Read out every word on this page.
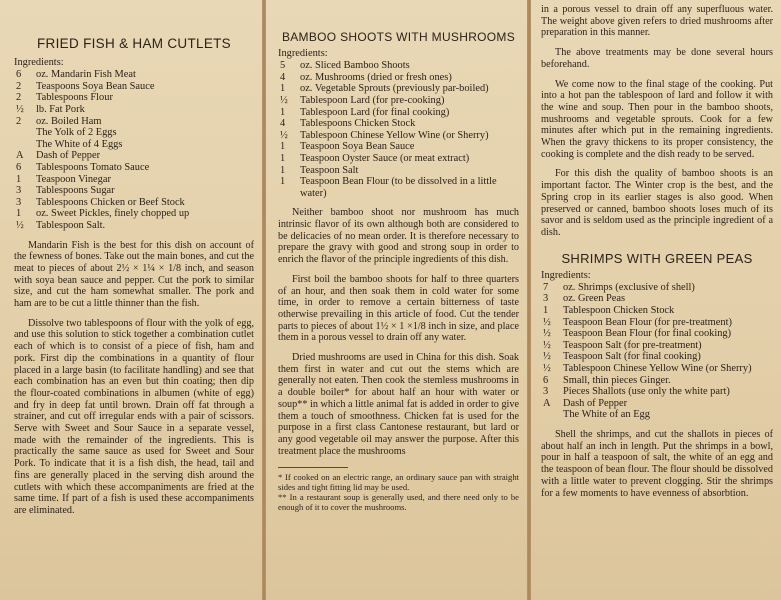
FRIED FISH & HAM CUTLETS
Ingredients:
6	oz. Mandarin Fish Meat
2	Teaspoons Soya Bean Sauce
2	Tablespoons Flour
½	lb. Fat Pork
2	oz. Boiled Ham
The Yolk of 2 Eggs
The White of 4 Eggs
A	Dash of Pepper
6	Tablespoons Tomato Sauce
1	Teaspoon Vinegar
3	Tablespoons Sugar
3	Tablespoons Chicken or Beef Stock
1	oz. Sweet Pickles, finely chopped up
½	Tablespoon Salt.

Mandarin Fish is the best for this dish on account of the fewness of bones. Take out the main bones, and cut the meat to pieces of about 2½ × 1¼ × 1/8 inch, and season with soya bean sauce and pepper. Cut the pork to similar size, and cut the ham somewhat smaller. The pork and ham are to be cut a little thinner than the fish.

Dissolve two tablespoons of flour with the yolk of egg, and use this solution to stick together a combination cutlet each of which is to consist of a piece of fish, ham and pork. First dip the combinations in a quantity of flour placed in a large basin (to facilitate handling) and see that each combination has an even but thin coating; then dip the flour-coated combinations in albumen (white of egg) and fry in deep fat until brown. Drain off fat through a strainer, and cut off irregular ends with a pair of scissors. Serve with Sweet and Sour Sauce in a separate vessel, made with the remainder of the ingredients. This is practically the same sauce as used for Sweet and Sour Pork. To indicate that it is a fish dish, the head, tail and fins are generally placed in the serving dish around the cutlets with which these accompaniments are fried at the same time. If part of a fish is used these accompaniments are eliminated.

BAMBOO SHOOTS WITH MUSHROOMS
Ingredients:
5	oz. Sliced Bamboo Shoots
4	oz. Mushrooms (dried or fresh ones)
1	oz. Vegetable Sprouts (previously par-boiled)
½	Tablespoon Lard (for pre-cooking)
1	Tablespoon Lard (for final cooking)
4	Tablespoons Chicken Stock
½	Tablespoon Chinese Yellow Wine (or Sherry)
1	Teaspoon Soya Bean Sauce
1	Teaspoon Oyster Sauce (or meat extract)
1	Teaspoon Salt
1	Teaspoon Bean Flour (to be dissolved in a little water)

Neither bamboo shoot nor mushroom has much intrinsic flavor of its own although both are considered to be delicacies of no mean order. It is therefore necessary to prepare the gravy with good and strong soup in order to enrich the flavor of the principle ingredients of this dish.

First boil the bamboo shoots for half to three quarters of an hour, and then soak them in cold water for some time, in order to remove a certain bitterness of taste otherwise prevailing in this article of food. Cut the tender parts to pieces of about 1½ × 1 ×1/8 inch in size, and place them in a porous vessel to drain off any water.

Dried mushrooms are used in China for this dish. Soak them first in water and cut out the stems which are generally not eaten. Then cook the stemless mushrooms in a double boiler* for about half an hour with water or soup** in which a little animal fat is added in order to give them a touch of smoothness. Chicken fat is used for the purpose in a first class Cantonese restaurant, but lard or any good vegetable oil may answer the purpose. After this treatment place the mushrooms

* If cooked on an electric range, an ordinary sauce pan with straight sides and tight fitting lid may be used.

** In a restaurant soup is generally used, and there need only to be enough of it to cover the mushrooms.

in a porous vessel to drain off any superfluous water. The weight above given refers to dried mushrooms after preparation in this manner.

The above treatments may be done several hours beforehand.

We come now to the final stage of the cooking. Put into a hot pan the tablespoon of lard and follow it with the wine and soup. Then pour in the bamboo shoots, mushrooms and vegetable sprouts. Cook for a few minutes after which put in the remaining ingredients. When the gravy thickens to its proper consistency, the cooking is complete and the dish ready to be served.

For this dish the quality of bamboo shoots is an important factor. The Winter crop is the best, and the Spring crop in its earlier stages is also good. When preserved or canned, bamboo shoots loses much of its savor and is seldom used as the principle ingredient of a dish.

SHRIMPS WITH GREEN PEAS
Ingredients:
7	oz. Shrimps (exclusive of shell)
3	oz. Green Peas
1	Tablespoon Chicken Stock
½	Teaspoon Bean Flour (for pre-treatment)
½	Teaspoon Bean Flour (for final cooking)
½	Teaspoon Salt (for pre-treatment)
½	Teaspoon Salt (for final cooking)
½	Tablespoon Chinese Yellow Wine (or Sherry)
6	Small, thin pieces Ginger.
3	Pieces Shallots (use only the white part)
A	Dash of Pepper
The White of an Egg

Shell the shrimps, and cut the shallots in pieces of about half an inch in length. Put the shrimps in a bowl, pour in half a teaspoon of salt, the white of an egg and the teaspoon of bean flour. The flour should be dissolved with a little water to prevent clogging. Stir the shrimps for a few moments to have evenness of absorbtion.
